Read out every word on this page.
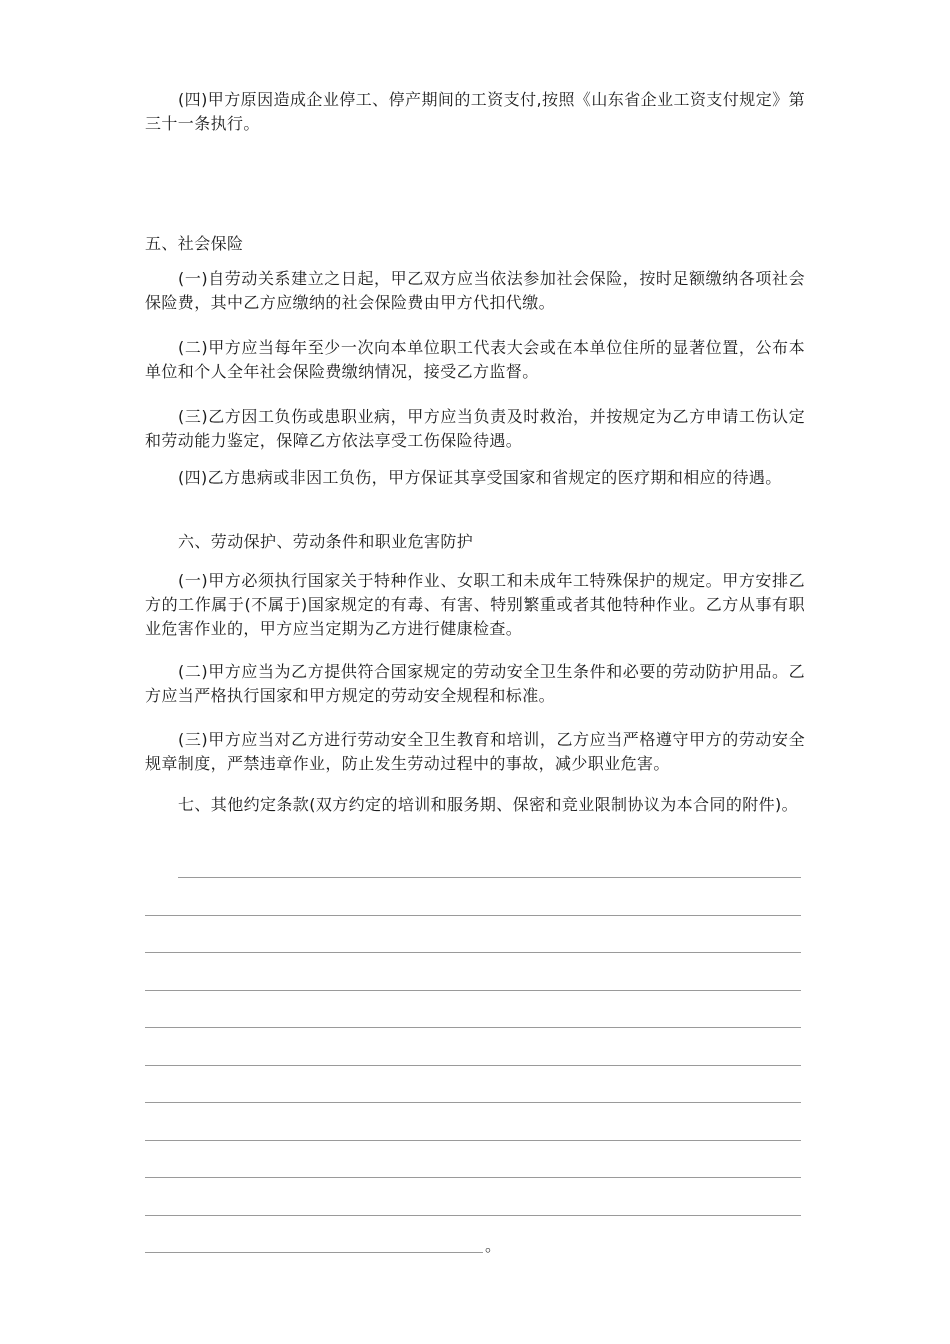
(四)甲方原因造成企业停工、停产期间的工资支付,按照《山东省企业工资支付规定》第三十一条执行。

五、社会保险

(一)自劳动关系建立之日起，甲乙双方应当依法参加社会保险，按时足额缴纳各项社会保险费，其中乙方应缴纳的社会保险费由甲方代扣代缴。

(二)甲方应当每年至少一次向本单位职工代表大会或在本单位住所的显著位置，公布本单位和个人全年社会保险费缴纳情况，接受乙方监督。

(三)乙方因工负伤或患职业病，甲方应当负责及时救治，并按规定为乙方申请工伤认定和劳动能力鉴定，保障乙方依法享受工伤保险待遇。

(四)乙方患病或非因工负伤，甲方保证其享受国家和省规定的医疗期和相应的待遇。

六、劳动保护、劳动条件和职业危害防护

(一)甲方必须执行国家关于特种作业、女职工和未成年工特殊保护的规定。甲方安排乙方的工作属于(不属于)国家规定的有毒、有害、特别繁重或者其他特种作业。乙方从事有职业危害作业的，甲方应当定期为乙方进行健康检查。

(二)甲方应当为乙方提供符合国家规定的劳动安全卫生条件和必要的劳动防护用品。乙方应当严格执行国家和甲方规定的劳动安全规程和标准。

(三)甲方应当对乙方进行劳动安全卫生教育和培训，乙方应当严格遵守甲方的劳动安全规章制度，严禁违章作业，防止发生劳动过程中的事故，减少职业危害。

七、其他约定条款(双方约定的培训和服务期、保密和竞业限制协议为本合同的附件)。

。
